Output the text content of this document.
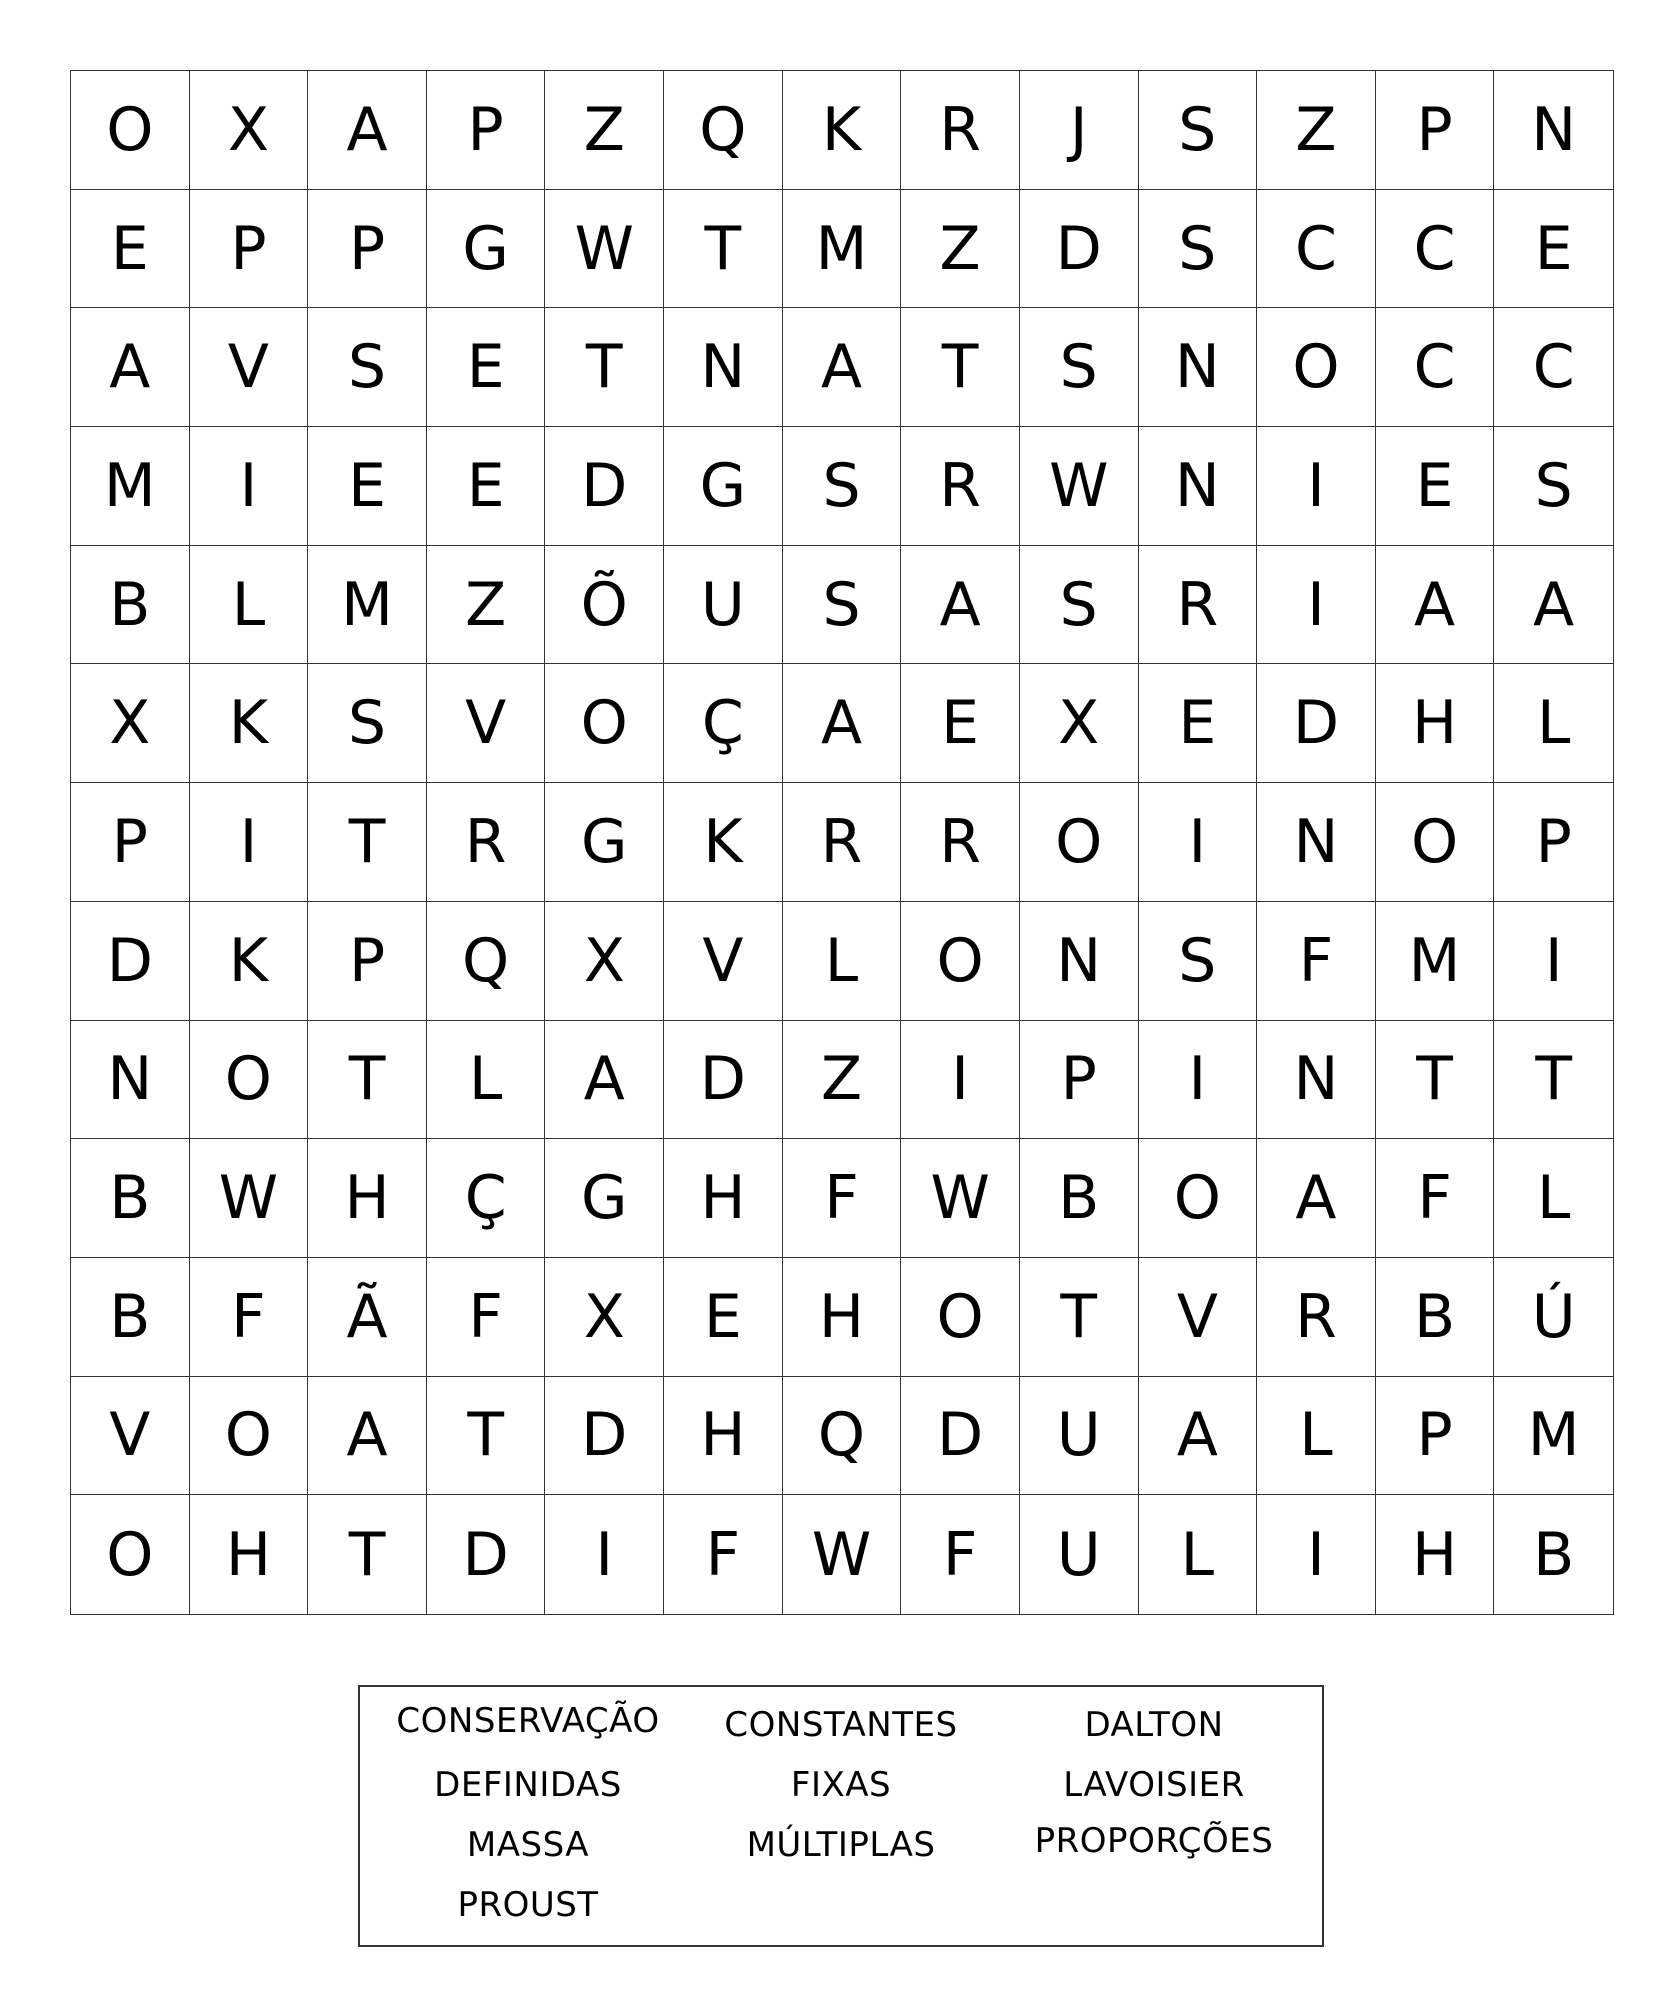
O	X	A	P	Z	Q	K	R	J	S	Z	P	N
E	P	P	G	W	T	M	Z	D	S	C	C	E
A	V	S	E	T	N	A	T	S	N	O	C	C
M	I	E	E	D	G	S	R	W	N	I	E	S
B	L	M	Z	Õ	U	S	A	S	R	I	A	A
X	K	S	V	O	Ç	A	E	X	E	D	H	L
P	I	T	R	G	K	R	R	O	I	N	O	P
D	K	P	Q	X	V	L	O	N	S	F	M	I
N	O	T	L	A	D	Z	I	P	I	N	T	T
B	W	H	Ç	G	H	F	W	B	O	A	F	L
B	F	Ã	F	X	E	H	O	T	V	R	B	Ú
V	O	A	T	D	H	Q	D	U	A	L	P	M
O	H	T	D	I	F	W	F	U	L	I	H	B
CONSERVAÇÃO	CONSTANTES	DALTON
DEFINIDAS	FIXAS	LAVOISIER
MASSA	MÚLTIPLAS	PROPORÇÕES
PROUST
